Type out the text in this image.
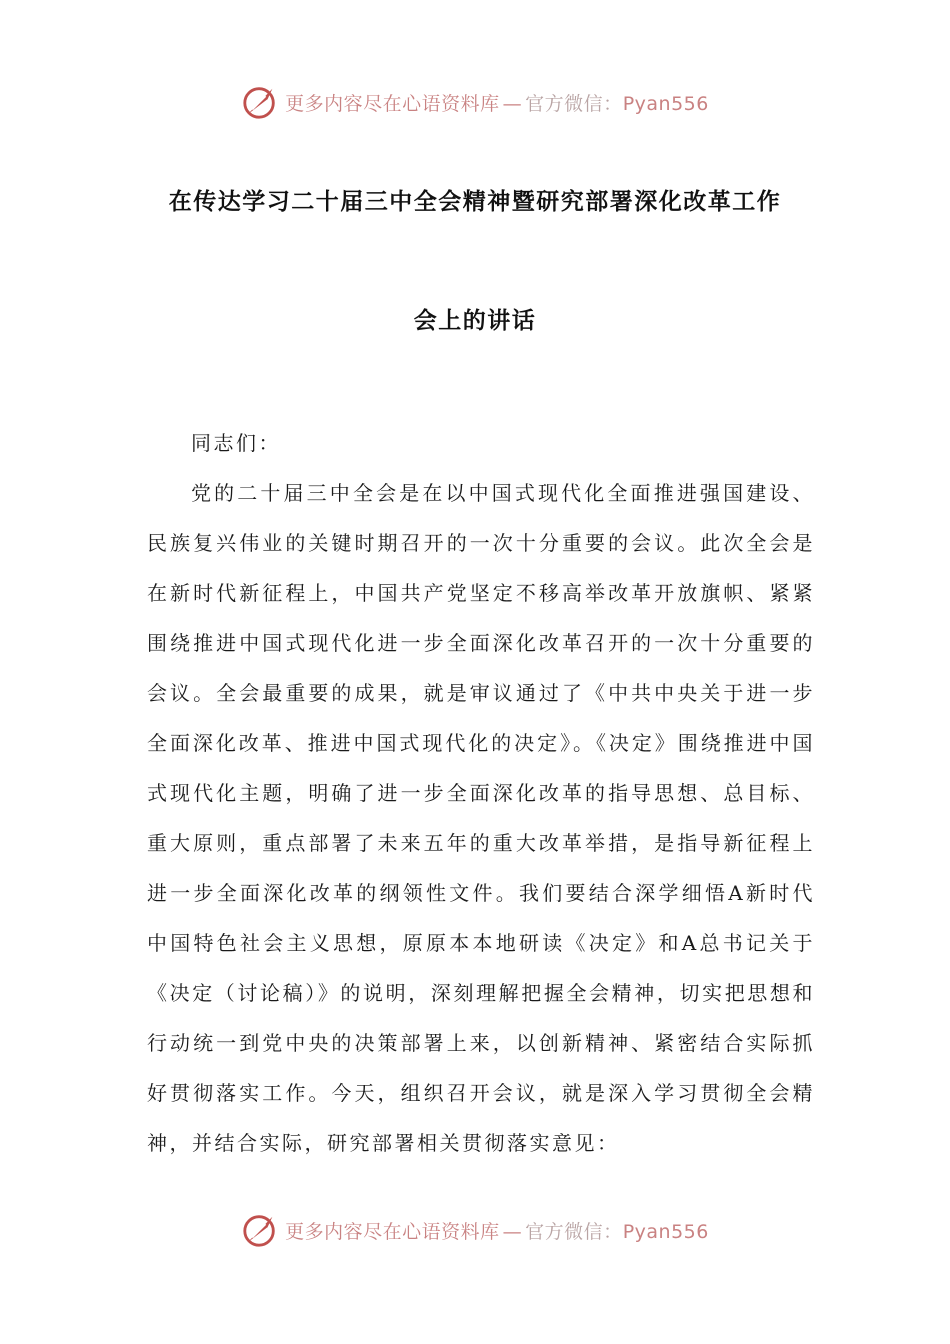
更多内容尽在心语资料库 — 官方微信：Pyan556
在传达学习二十届三中全会精神暨研究部署深化改革工作
会上的讲话

同志们：

党的二十届三中全会是在以中国式现代化全面推进强国建设、民族复兴伟业的关键时期召开的一次十分重要的会议。此次全会是在新时代新征程上，中国共产党坚定不移高举改革开放旗帜、紧紧围绕推进中国式现代化进一步全面深化改革召开的一次十分重要的会议。全会最重要的成果，就是审议通过了《中共中央关于进一步全面深化改革、推进中国式现代化的决定》。《决定》围绕推进中国式现代化主题，明确了进一步全面深化改革的指导思想、总目标、重大原则，重点部署了未来五年的重大改革举措，是指导新征程上进一步全面深化改革的纲领性文件。我们要结合深学细悟A新时代中国特色社会主义思想，原原本本地研读《决定》和A总书记关于《决定（讨论稿）》的说明，深刻理解把握全会精神，切实把思想和行动统一到党中央的决策部署上来，以创新精神、紧密结合实际抓好贯彻落实工作。今天，组织召开会议，就是深入学习贯彻全会精神，并结合实际，研究部署相关贯彻落实意见：

更多内容尽在心语资料库 — 官方微信：Pyan556
